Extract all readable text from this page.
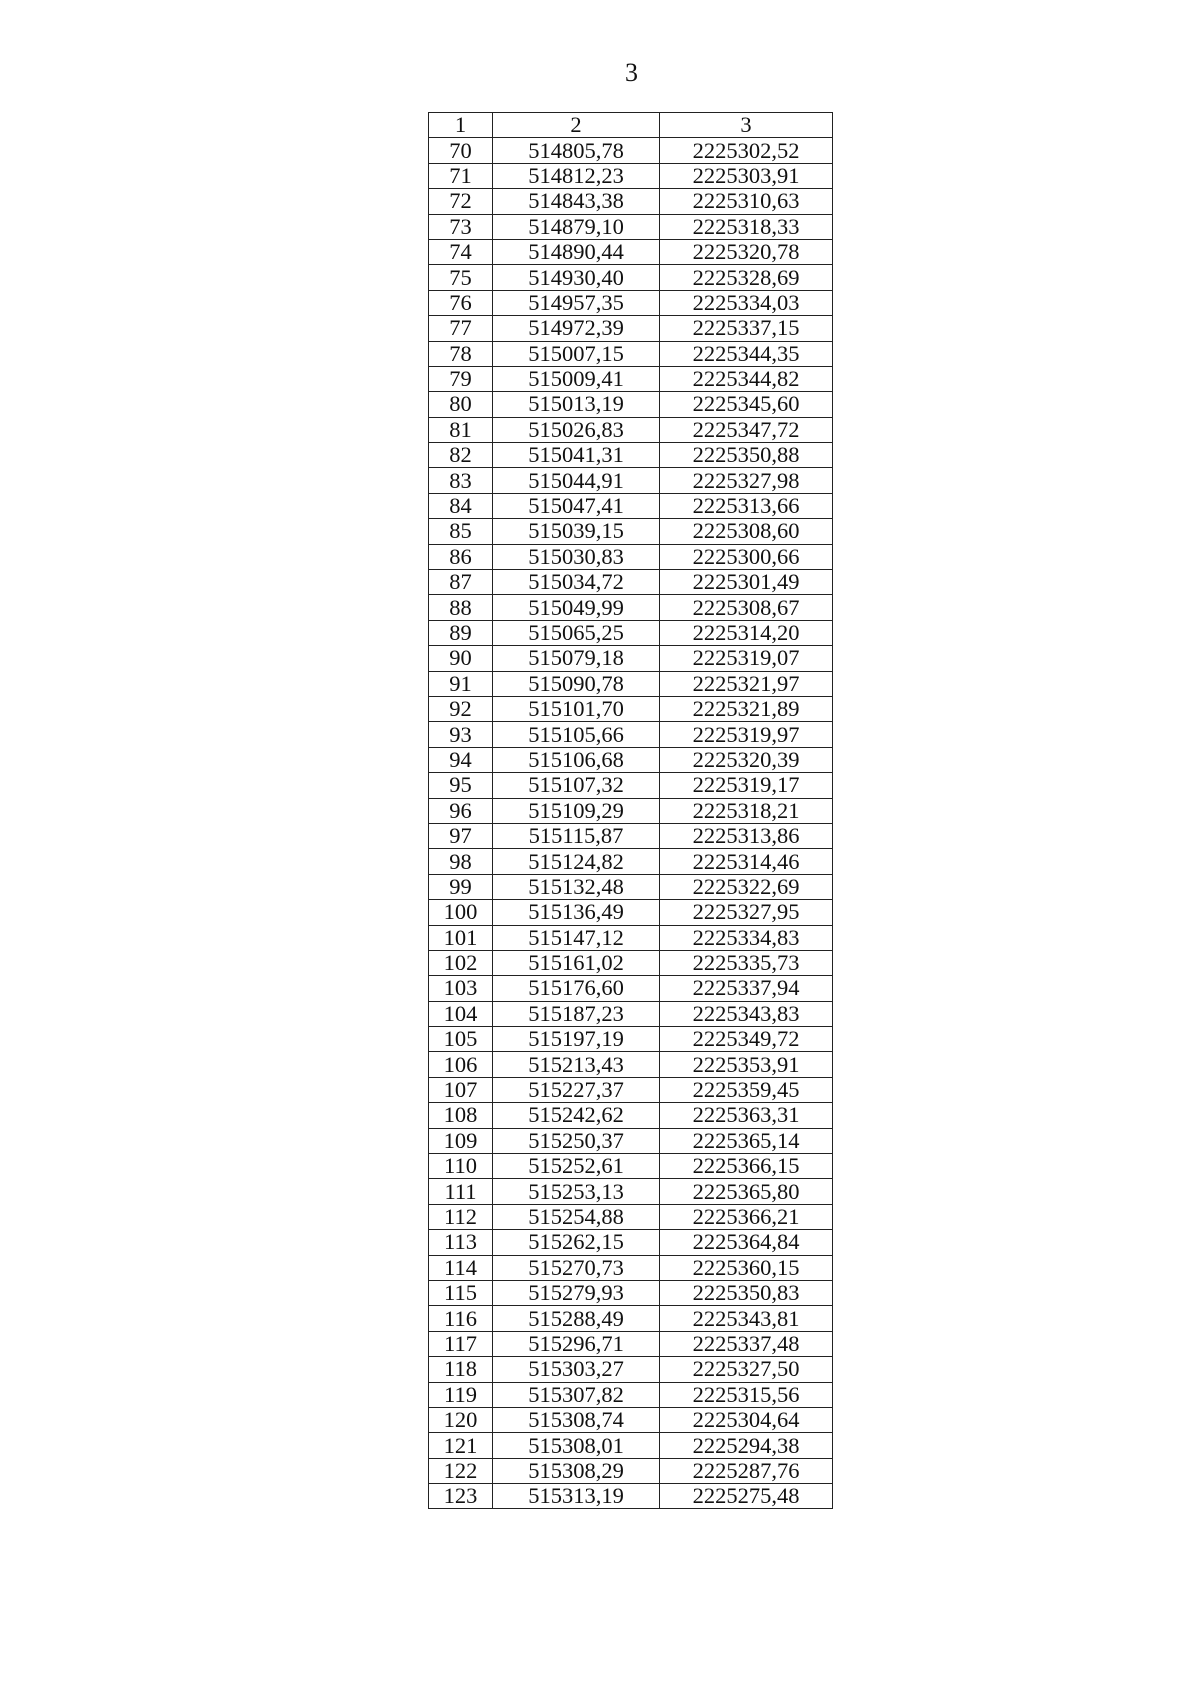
3
1	2	3
70	514805,78	2225302,52
71	514812,23	2225303,91
72	514843,38	2225310,63
73	514879,10	2225318,33
74	514890,44	2225320,78
75	514930,40	2225328,69
76	514957,35	2225334,03
77	514972,39	2225337,15
78	515007,15	2225344,35
79	515009,41	2225344,82
80	515013,19	2225345,60
81	515026,83	2225347,72
82	515041,31	2225350,88
83	515044,91	2225327,98
84	515047,41	2225313,66
85	515039,15	2225308,60
86	515030,83	2225300,66
87	515034,72	2225301,49
88	515049,99	2225308,67
89	515065,25	2225314,20
90	515079,18	2225319,07
91	515090,78	2225321,97
92	515101,70	2225321,89
93	515105,66	2225319,97
94	515106,68	2225320,39
95	515107,32	2225319,17
96	515109,29	2225318,21
97	515115,87	2225313,86
98	515124,82	2225314,46
99	515132,48	2225322,69
100	515136,49	2225327,95
101	515147,12	2225334,83
102	515161,02	2225335,73
103	515176,60	2225337,94
104	515187,23	2225343,83
105	515197,19	2225349,72
106	515213,43	2225353,91
107	515227,37	2225359,45
108	515242,62	2225363,31
109	515250,37	2225365,14
110	515252,61	2225366,15
111	515253,13	2225365,80
112	515254,88	2225366,21
113	515262,15	2225364,84
114	515270,73	2225360,15
115	515279,93	2225350,83
116	515288,49	2225343,81
117	515296,71	2225337,48
118	515303,27	2225327,50
119	515307,82	2225315,56
120	515308,74	2225304,64
121	515308,01	2225294,38
122	515308,29	2225287,76
123	515313,19	2225275,48
